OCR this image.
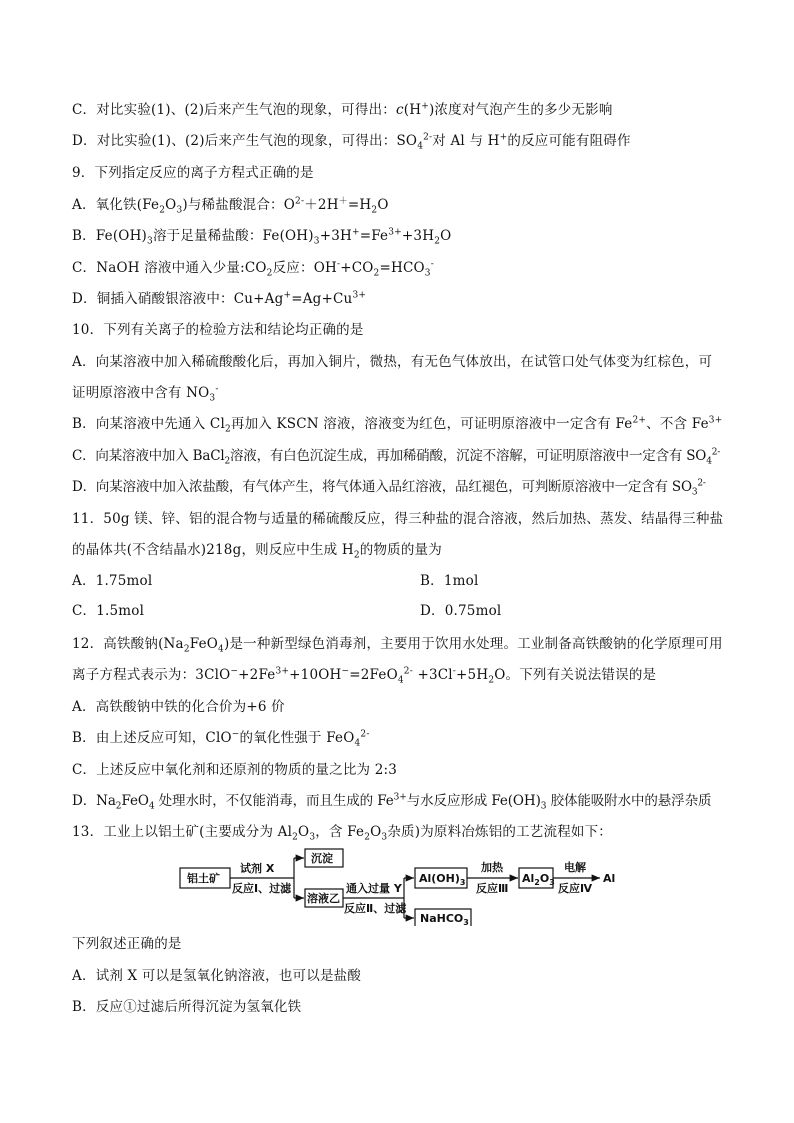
C．对比实验(1)、(2)后来产生气泡的现象，可得出：c(H+)浓度对气泡产生的多少无影响
D．对比实验(1)、(2)后来产生气泡的现象，可得出：$SO_4^{2-}$对 Al 与 H+的反应可能有阻碍作
9．下列指定反应的离子方程式正确的是
A．氧化铁$(Fe_2O_3)$与稀盐酸混合：$O^{2-}+2H^+=H_2O$
B．$Fe(OH)_3$溶于足量稀盐酸：$Fe(OH)_3+3H^+=Fe^{3+}+3H_2O$
C．NaOH 溶液中通入少量$:CO_2$反应：$OH^-+CO_2=HCO_3^-$
D．铜插入硝酸银溶液中：$Cu+Ag^+=Ag+Cu^{3+}$
10．下列有关离子的检验方法和结论均正确的是
A．向某溶液中加入稀硫酸酸化后，再加入铜片，微热，有无色气体放出，在试管口处气体变为红棕色，可
证明原溶液中含有 $NO_3^-$
B．向某溶液中先通入 $Cl_2$再加入 KSCN 溶液，溶液变为红色，可证明原溶液中一定含有 $Fe^{2+}$、不含 $Fe^{3+}$
C．向某溶液中加入 BaCl$_2$溶液，有白色沉淀生成，再加稀硝酸，沉淀不溶解，可证明原溶液中一定含有 $SO_4^{2-}$
D．向某溶液中加入浓盐酸，有气体产生，将气体通入品红溶液，品红褪色，可判断原溶液中一定含有 $SO_3^{2-}$
11．50g 镁、锌、铝的混合物与适量的稀硫酸反应，得三种盐的混合溶液，然后加热、蒸发、结晶得三种盐
的晶体共(不含结晶水)218g，则反应中生成 $H_2$的物质的量为
A．1.75mol	B．1mol
C．1.5mol	D．0.75mol
12．高铁酸钠$(Na_2FeO_4)$是一种新型绿色消毒剂，主要用于饮用水处理。工业制备高铁酸钠的化学原理可用
离子方程式表示为：$3ClO^-+2Fe^{3+}+10OH^-=2FeO_4^{2-} +3Cl^-+5H_2O$。下列有关说法错误的是
A．高铁酸钠中铁的化合价为+6 价
B．由上述反应可知，ClO−的氧化性强于 FeO$_4^{2-}$
C．上述反应中氧化剂和还原剂的物质的量之比为 2:3
D．$Na_2FeO_4$ 处理水时，不仅能消毒，而且生成的 $Fe^{3+}$与水反应形成 $Fe(OH)_3$ 胶体能吸附水中的悬浮杂质
13．工业上以铝土矿(主要成分为 $Al_2O_3$，含 $Fe_2O_3$杂质)为原料冶炼铝的工艺流程如下：
铝土矿
试剂 X
反应Ⅰ、过滤
沉淀
溶液乙
通入过量 Y
反应Ⅱ、过滤
$Al(OH)_3$
NaHCO$_3$
加热
反应Ⅲ
$Al_2O_3$
电解
反应Ⅳ
Al
下列叙述正确的是
A．试剂 X 可以是氢氧化钠溶液，也可以是盐酸
B．反应①过滤后所得沉淀为氢氧化铁
